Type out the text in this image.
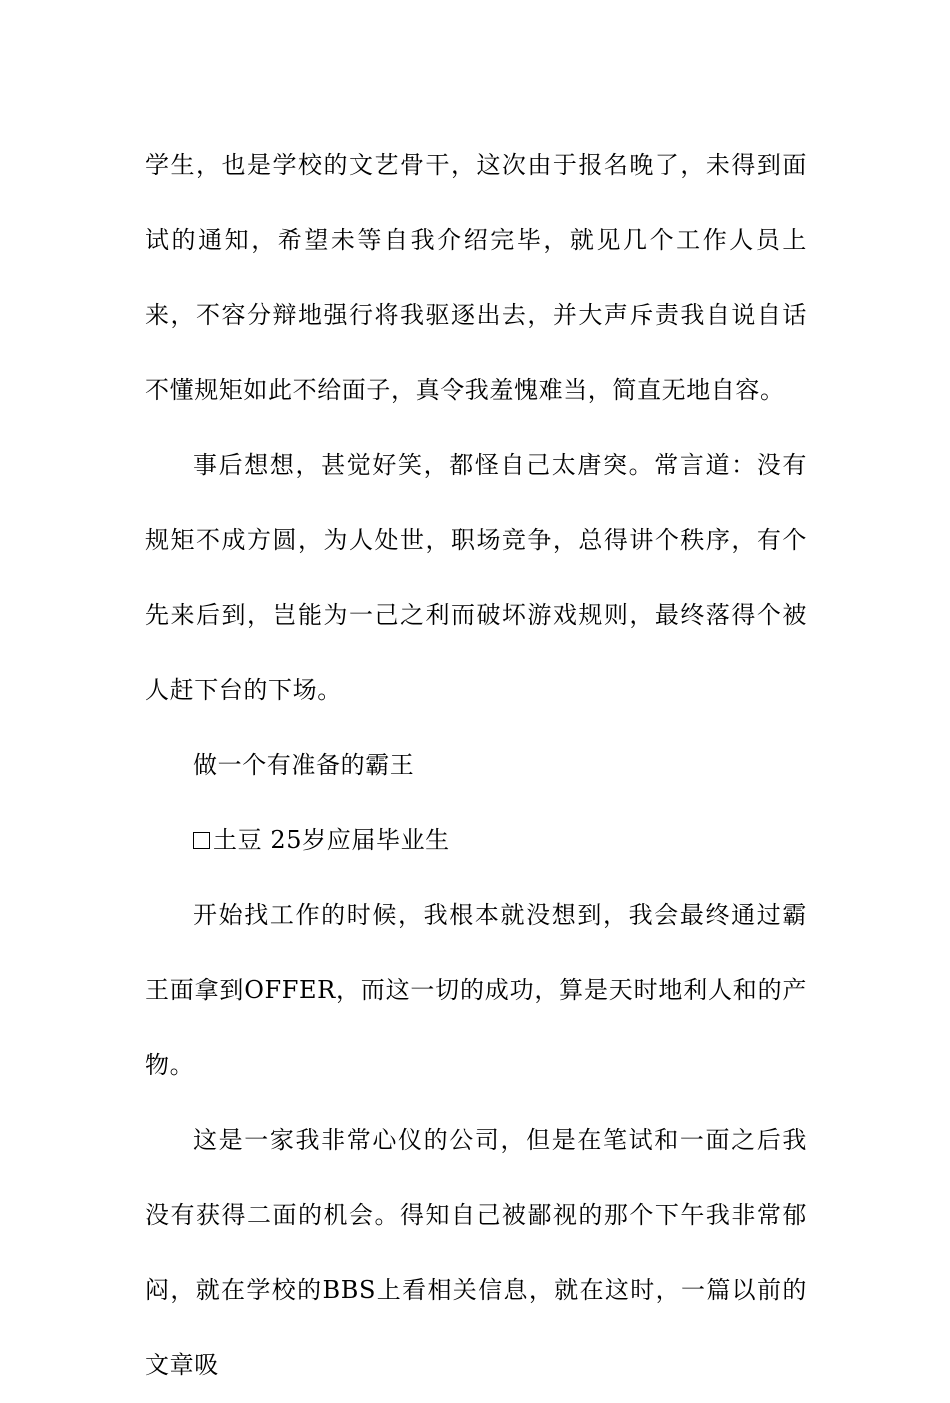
学生，也是学校的文艺骨干，这次由于报名晚了，未得到面试的通知，希望未等自我介绍完毕，就见几个工作人员上来，不容分辩地强行将我驱逐出去，并大声斥责我自说自话不懂规矩如此不给面子，真令我羞愧难当，简直无地自容。

事后想想，甚觉好笑，都怪自己太唐突。常言道：没有规矩不成方圆，为人处世，职场竞争，总得讲个秩序，有个先来后到，岂能为一己之利而破坏游戏规则，最终落得个被人赶下台的下场。

做一个有准备的霸王

土豆 25岁应届毕业生

开始找工作的时候，我根本就没想到，我会最终通过霸王面拿到OFFER，而这一切的成功，算是天时地利人和的产物。

这是一家我非常心仪的公司，但是在笔试和一面之后我没有获得二面的机会。得知自己被鄙视的那个下午我非常郁闷，就在学校的BBS上看相关信息，就在这时，一篇以前的文章吸
